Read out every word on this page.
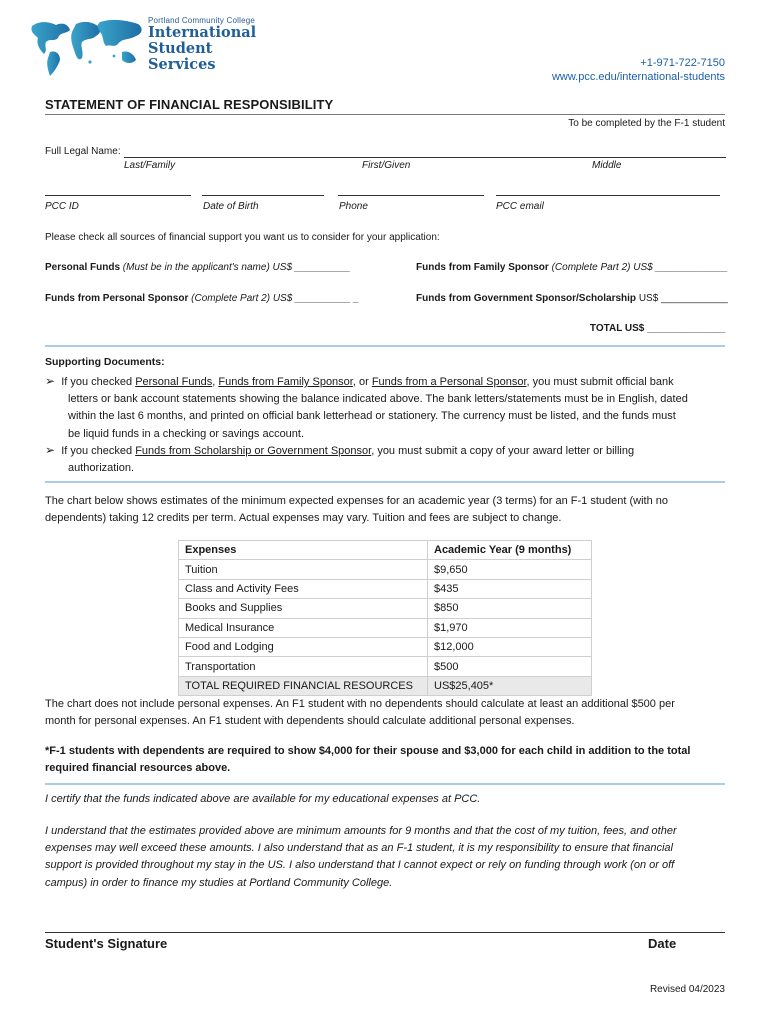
Portland Community College
International
Student
Services	+1-971-722-7150
www.pcc.edu/international-students
STATEMENT OF FINANCIAL RESPONSIBILITY
To be completed by the F-1 student
Full Legal Name:
Last/Family	First/Given	Middle
PCC ID	Date of Birth	Phone	PCC email
Please check all sources of financial support you want us to consider for your application:
Personal Funds (Must be in the applicant's name) US$ __________	Funds from Family Sponsor (Complete Part 2) US$ _____________
Funds from Personal Sponsor (Complete Part 2) US$ __________ _	Funds from Government Sponsor/Scholarship US$ ____________
TOTAL US$ ______________
Supporting Documents:
➢ If you checked Personal Funds, Funds from Family Sponsor, or Funds from a Personal Sponsor, you must submit official bank
letters or bank account statements showing the balance indicated above. The bank letters/statements must be in English, dated
within the last 6 months, and printed on official bank letterhead or stationery. The currency must be listed, and the funds must
be liquid funds in a checking or savings account.
➢ If you checked Funds from Scholarship or Government Sponsor, you must submit a copy of your award letter or billing
authorization.
The chart below shows estimates of the minimum expected expenses for an academic year (3 terms) for an F-1 student (with no
dependents) taking 12 credits per term. Actual expenses may vary. Tuition and fees are subject to change.
Expenses	Academic Year (9 months)
Tuition	$9,650
Class and Activity Fees	$435
Books and Supplies	$850
Medical Insurance	$1,970
Food and Lodging	$12,000
Transportation	$500
TOTAL REQUIRED FINANCIAL RESOURCES	US$25,405*
The chart does not include personal expenses. An F1 student with no dependents should calculate at least an additional $500 per
month for personal expenses. An F1 student with dependents should calculate additional personal expenses.
*F-1 students with dependents are required to show $4,000 for their spouse and $3,000 for each child in addition to the total
required financial resources above.
I certify that the funds indicated above are available for my educational expenses at PCC.
I understand that the estimates provided above are minimum amounts for 9 months and that the cost of my tuition, fees, and other
expenses may well exceed these amounts. I also understand that as an F-1 student, it is my responsibility to ensure that financial
support is provided throughout my stay in the US. I also understand that I cannot expect or rely on funding through work (on or off
campus) in order to finance my studies at Portland Community College.
Student's Signature	Date
Revised 04/2023
